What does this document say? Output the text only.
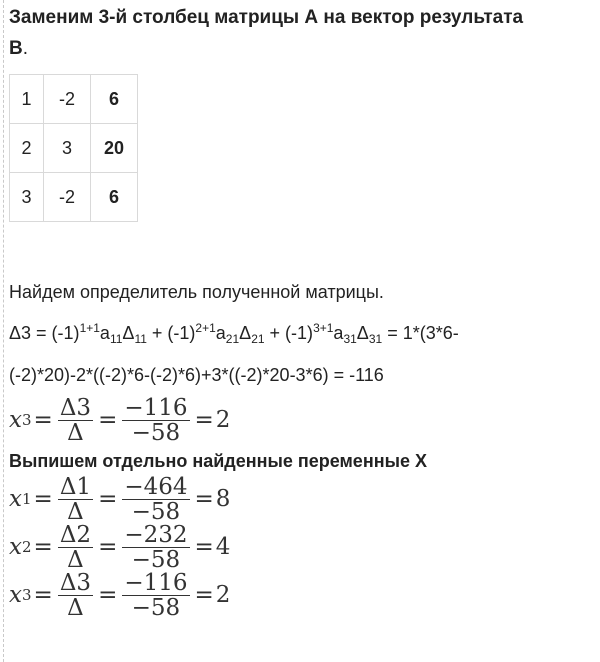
Заменим 3-й столбец матрицы А на вектор результата

В.

1	-2	6
2	3	20
3	-2	6

Найдем определитель полученной матрицы.

$\Delta 3 = (-1)^{1+1}a_{11}\Delta_{11} + (-1)^{2+1}a_{21}\Delta_{21} + (-1)^{3+1}a_{31}\Delta_{31} = 1*(3*6-$

(-2)*20)-2*((-2)*6-(-2)*6)+3*((-2)*20-3*6) = -116

x $3 = \frac{\Delta 3}{\Delta} = \frac{-116}{-58} = 2$

Выпишем отдельно найденные переменные Х

x $1 = \frac{\Delta 1}{\Delta} = \frac{-464}{-58} = 8$
x $2 = \frac{\Delta 2}{\Delta} = \frac{-232}{-58} = 4$
x $3 = \frac{\Delta 3}{\Delta} = \frac{-116}{-58} = 2$
